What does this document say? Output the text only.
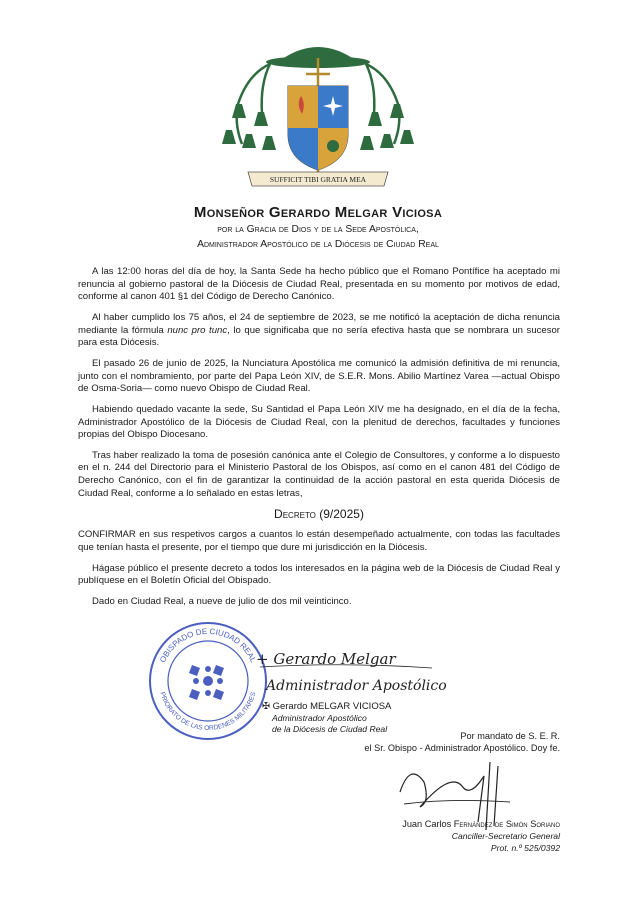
SUFFICIT TIBI GRATIA MEA
Monseñor Gerardo Melgar Viciosa
por la Gracia de Dios y de la Sede Apostólica,
Administrador Apostólico de la Diócesis de Ciudad Real

A las 12:00 horas del día de hoy, la Santa Sede ha hecho público que el Romano Pontífice ha aceptado mi renuncia al gobierno pastoral de la Diócesis de Ciudad Real, presentada en su momento por motivos de edad, conforme al canon 401 §1 del Código de Derecho Canónico.

Al haber cumplido los 75 años, el 24 de septiembre de 2023, se me notificó la aceptación de dicha renuncia mediante la fórmula nunc pro tunc, lo que significaba que no sería efectiva hasta que se nombrara un sucesor para esta Diócesis.

El pasado 26 de junio de 2025, la Nunciatura Apostólica me comunicó la admisión definitiva de mi renuncia, junto con el nombramiento, por parte del Papa León XIV, de S.E.R. Mons. Abilio Martínez Varea —actual Obispo de Osma-Soria— como nuevo Obispo de Ciudad Real.

Habiendo quedado vacante la sede, Su Santidad el Papa León XIV me ha designado, en el día de la fecha, Administrador Apostólico de la Diócesis de Ciudad Real, con la plenitud de derechos, facultades y funciones propias del Obispo Diocesano.

Tras haber realizado la toma de posesión canónica ante el Colegio de Consultores, y conforme a lo dispuesto en el n. 244 del Directorio para el Ministerio Pastoral de los Obispos, así como en el canon 481 del Código de Derecho Canónico, con el fin de garantizar la continuidad de la acción pastoral en esta querida Diócesis de Ciudad Real, conforme a lo señalado en estas letras,

Decreto (9/2025)

CONFIRMAR en sus respetivos cargos a cuantos lo están desempeñado actualmente, con todas las facultades que tenían hasta el presente, por el tiempo que dure mi jurisdicción en la Diócesis.

Hágase público el presente decreto a todos los interesados en la página web de la Diócesis de Ciudad Real y publíquese en el Boletín Oficial del Obispado.

Dado en Ciudad Real, a nueve de julio de dos mil veinticinco.

OBISPADO DE CIUDAD REAL
PRIORATO DE LAS ORDENES MILITARES
+ Gerardo Melgar
Administrador Apostólico
✠ Gerardo MELGAR VICIOSA
Administrador Apostólico
de la Diócesis de Ciudad Real
Por mandato de S. E. R.
el Sr. Obispo - Administrador Apostólico. Doy fe.
Juan Carlos Fernández de Simón Soriano
Canciller-Secretario General
Prot. n.º 525/0392
